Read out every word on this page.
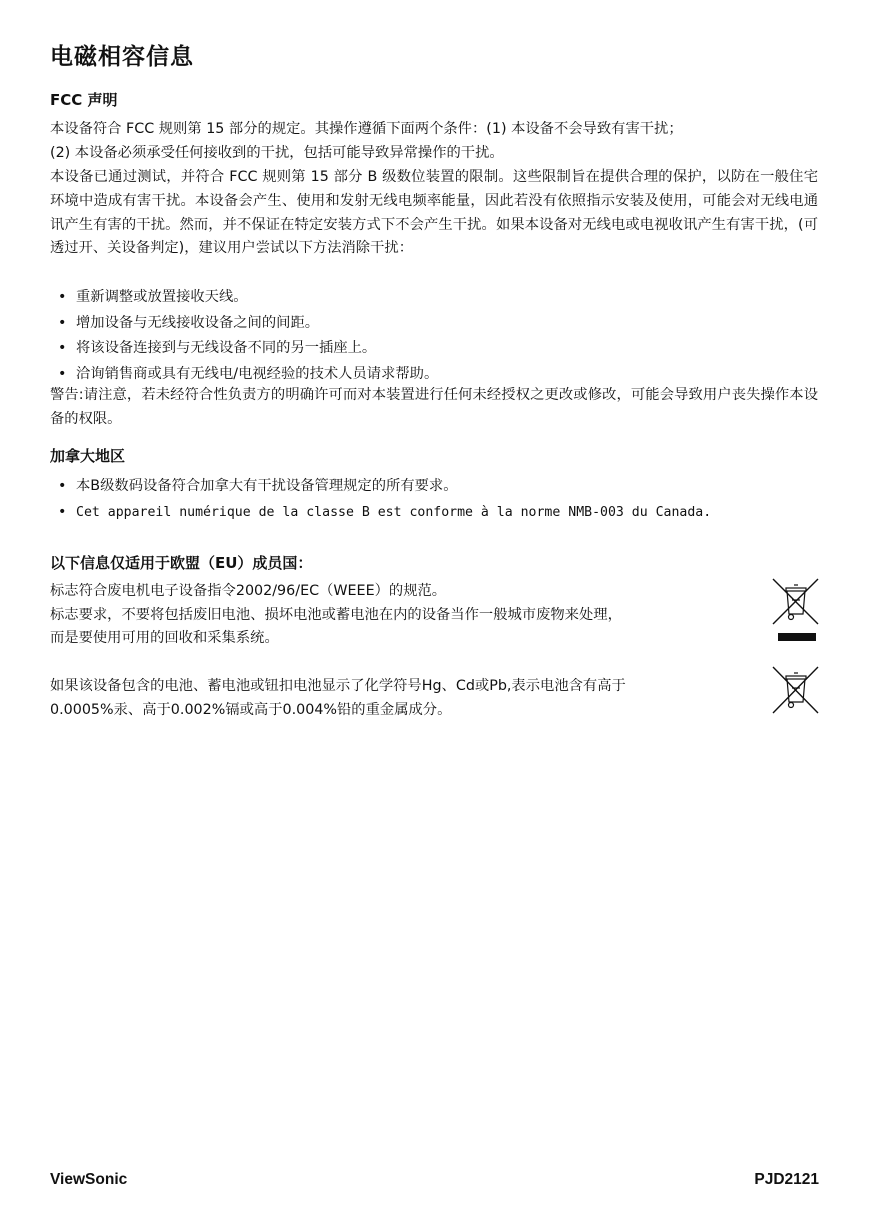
电磁相容信息
FCC 声明

本设备符合 FCC 规则第 15 部分的规定。其操作遵循下面两个条件：(1) 本设备不会导致有害干扰；
(2) 本设备必须承受任何接收到的干扰，包括可能导致异常操作的干扰。

本设备已通过测试，并符合 FCC 规则第 15 部分 B 级数位装置的限制。这些限制旨在提供合理的保护，以防在一般住宅环境中造成有害干扰。本设备会产生、使用和发射无线电频率能量，因此若没有依照指示安装及使用，可能会对无线电通讯产生有害的干扰。然而，并不保证在特定安装方式下不会产生干扰。如果本设备对无线电或电视收讯产生有害干扰，(可透过开、关设备判定)，建议用户尝试以下方法消除干扰：

• 重新调整或放置接收天线。
• 增加设备与无线接收设备之间的间距。
• 将该设备连接到与无线设备不同的另一插座上。
• 洽询销售商或具有无线电/电视经验的技术人员请求帮助。

警告:请注意，若未经符合性负责方的明确许可而对本装置进行任何未经授权之更改或修改，可能会导致用户丧失操作本设备的权限。

加拿大地区
• 本B级数码设备符合加拿大有干扰设备管理规定的所有要求。
• Cet appareil numérique de la classe B est conforme à la norme NMB-003 du Canada.
以下信息仅适用于欧盟（EU）成员国：

标志符合废电机电子设备指令2002/96/EC（WEEE）的规范。
标志要求，不要将包括废旧电池、损坏电池或蓄电池在内的设备当作一般城市废物来处理，
而是要使用可用的回收和采集系统。

如果该设备包含的电池、蓄电池或钮扣电池显示了化学符号Hg、Cd或Pb,表示电池含有高于
0.0005%汞、高于0.002%镉或高于0.004%铅的重金属成分。

ViewSonic	PJD2121
